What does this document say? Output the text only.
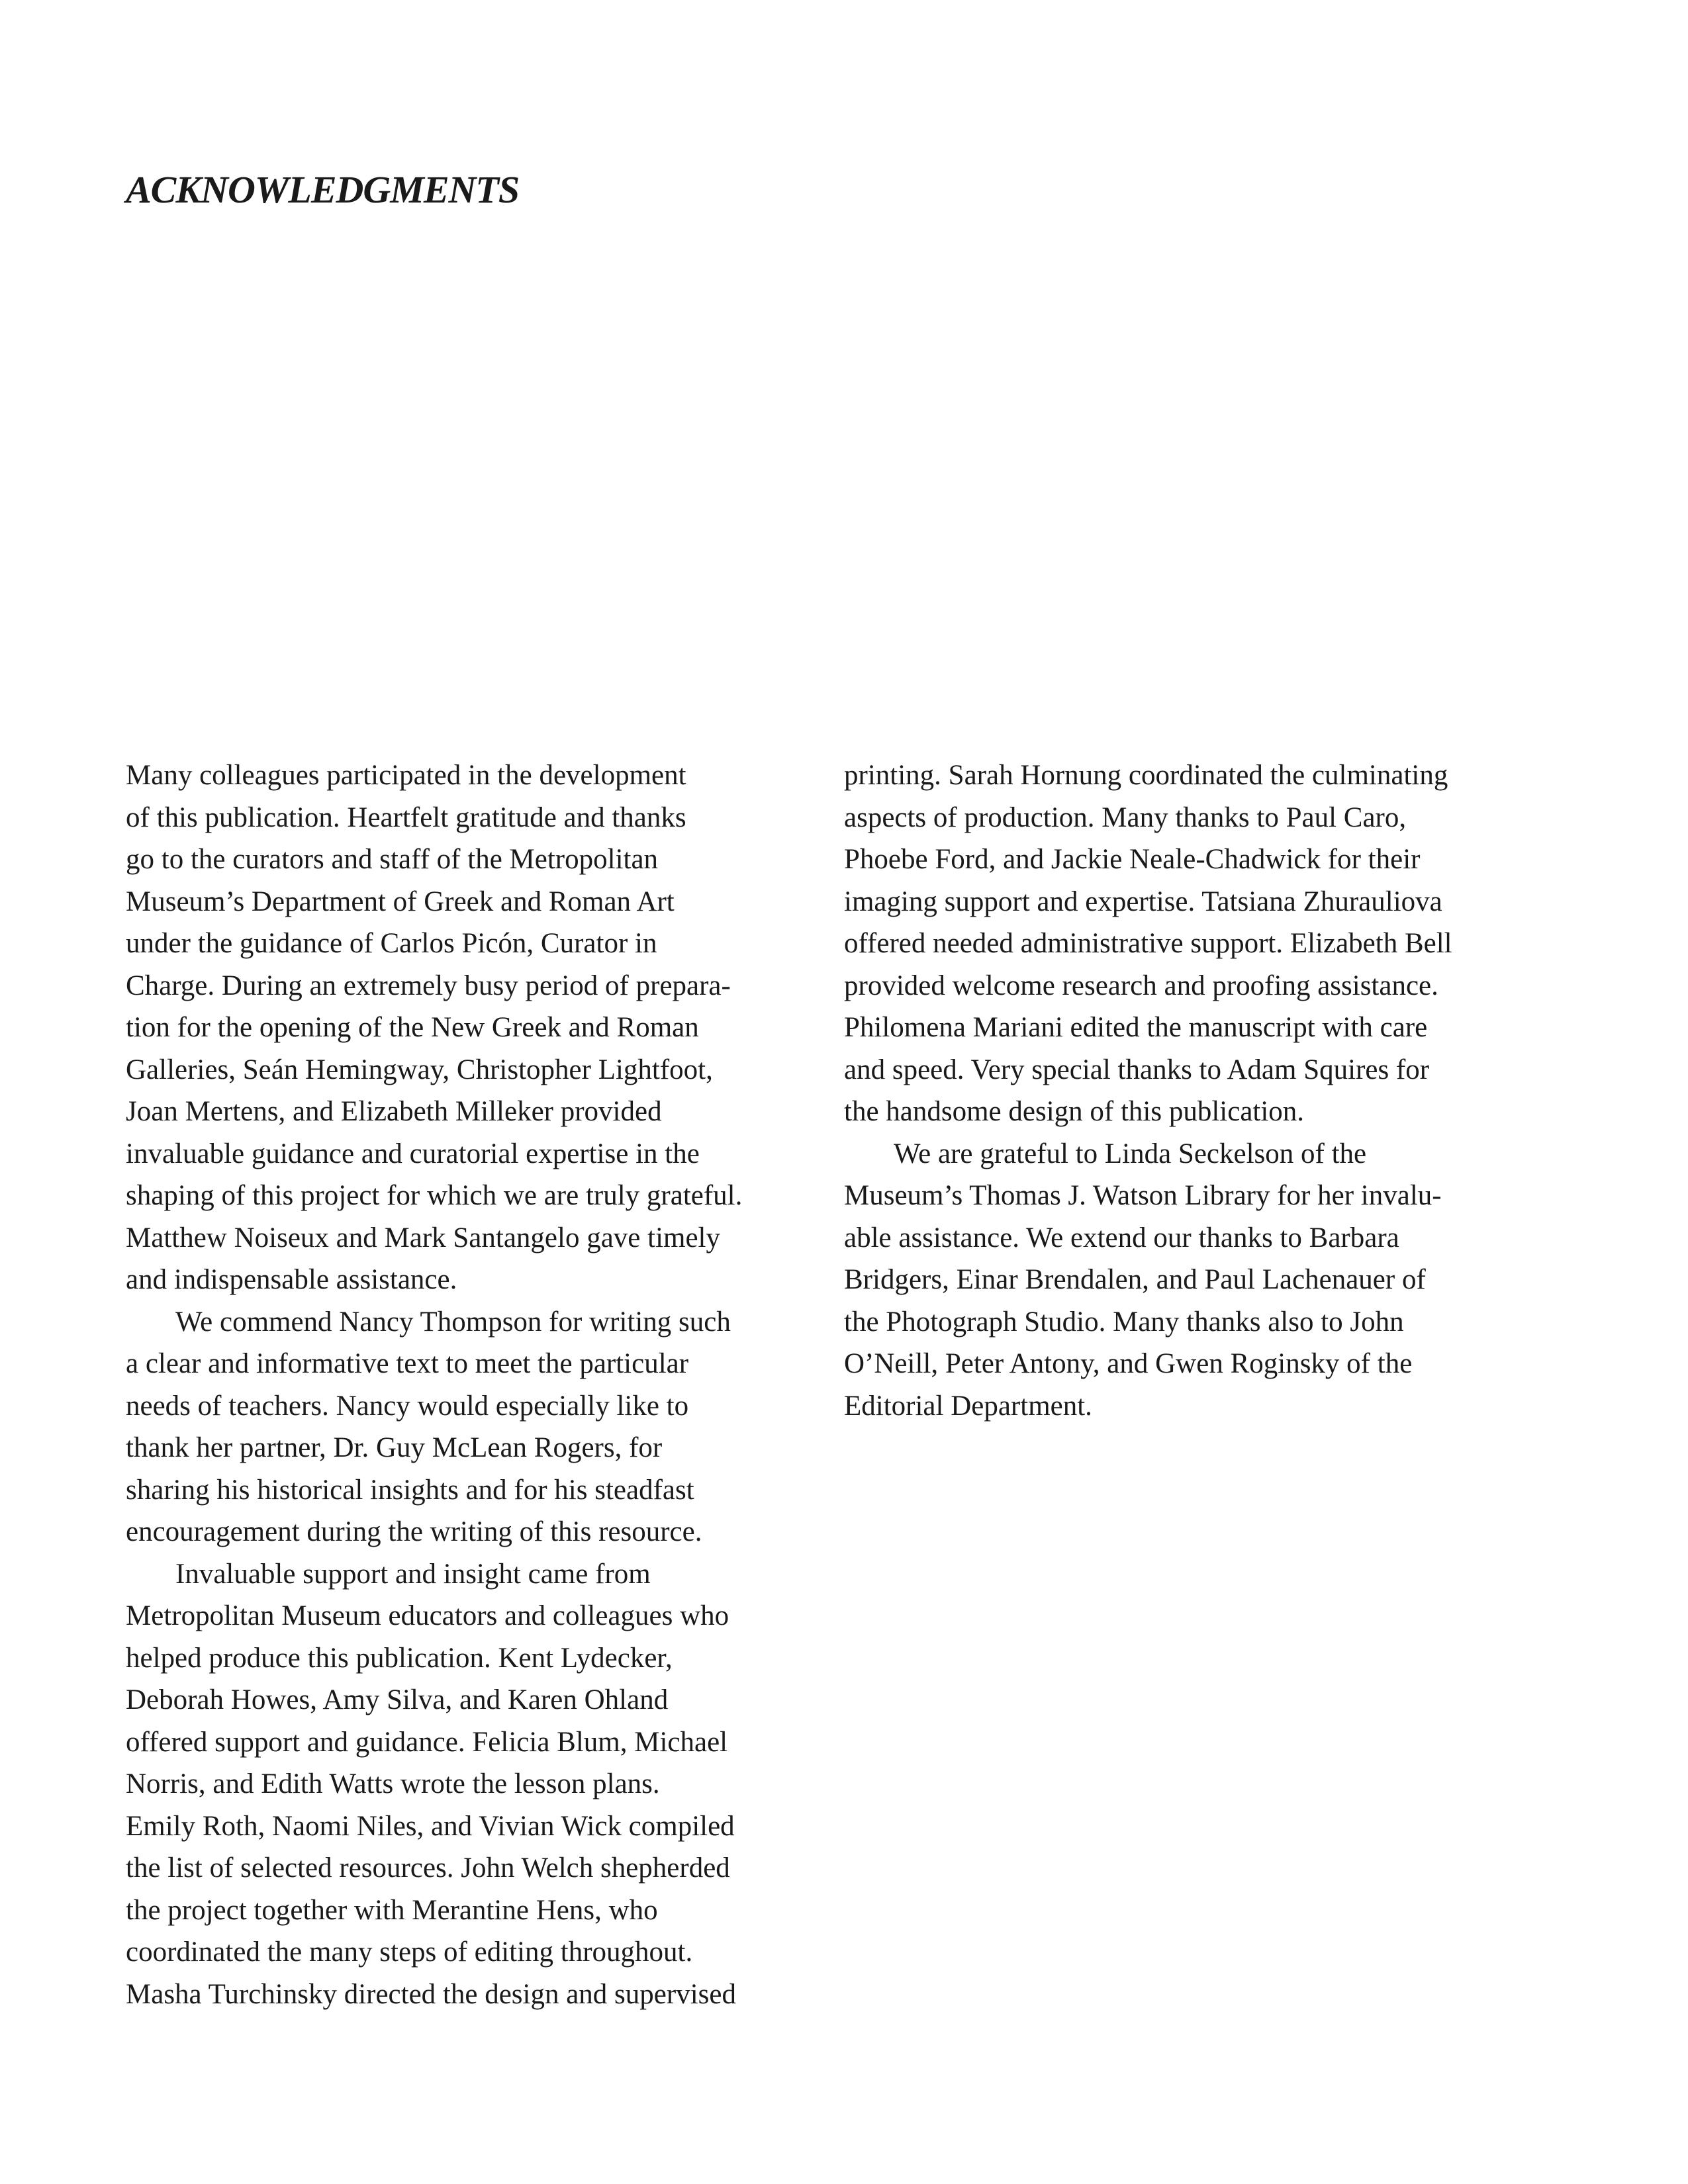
ACKNOWLEDGMENTS
Many colleagues participated in the development
of this publication. Heartfelt gratitude and thanks
go to the curators and staff of the Metropolitan
Museum’s Department of Greek and Roman Art
under the guidance of Carlos Picón, Curator in
Charge. During an extremely busy period of prepara-
tion for the opening of the New Greek and Roman
Galleries, Seán Hemingway, Christopher Lightfoot,
Joan Mertens, and Elizabeth Milleker provided
invaluable guidance and curatorial expertise in the
shaping of this project for which we are truly grateful.
Matthew Noiseux and Mark Santangelo gave timely
and indispensable assistance.
We commend Nancy Thompson for writing such
a clear and informative text to meet the particular
needs of teachers. Nancy would especially like to
thank her partner, Dr. Guy McLean Rogers, for
sharing his historical insights and for his steadfast
encouragement during the writing of this resource.
Invaluable support and insight came from
Metropolitan Museum educators and colleagues who
helped produce this publication. Kent Lydecker,
Deborah Howes, Amy Silva, and Karen Ohland
offered support and guidance. Felicia Blum, Michael
Norris, and Edith Watts wrote the lesson plans.
Emily Roth, Naomi Niles, and Vivian Wick compiled
the list of selected resources. John Welch shepherded
the project together with Merantine Hens, who
coordinated the many steps of editing throughout.
Masha Turchinsky directed the design and supervised
printing. Sarah Hornung coordinated the culminating
aspects of production. Many thanks to Paul Caro,
Phoebe Ford, and Jackie Neale-Chadwick for their
imaging support and expertise. Tatsiana Zhurauliova
offered needed administrative support. Elizabeth Bell
provided welcome research and proofing assistance.
Philomena Mariani edited the manuscript with care
and speed. Very special thanks to Adam Squires for
the handsome design of this publication.
We are grateful to Linda Seckelson of the
Museum’s Thomas J. Watson Library for her invalu-
able assistance. We extend our thanks to Barbara
Bridgers, Einar Brendalen, and Paul Lachenauer of
the Photograph Studio. Many thanks also to John
O’Neill, Peter Antony, and Gwen Roginsky of the
Editorial Department.
